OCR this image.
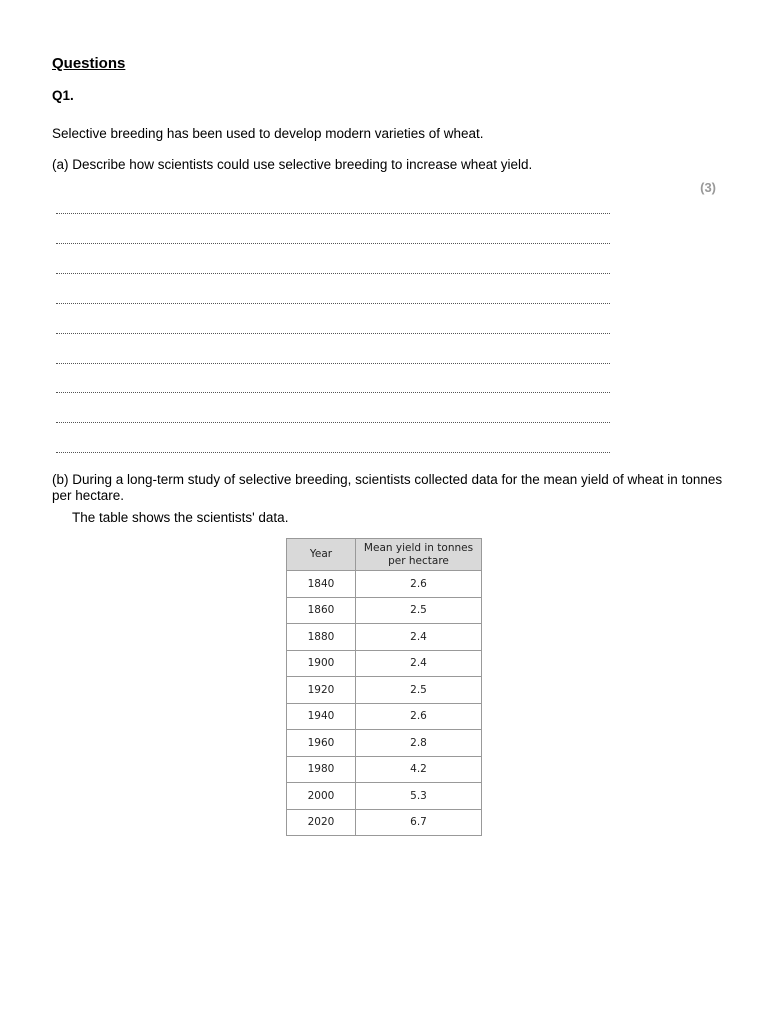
Questions
Q1.
Selective breeding has been used to develop modern varieties of wheat.
(a) Describe how scientists could use selective breeding to increase wheat yield.
(3)
(b) During a long-term study of selective breeding, scientists collected data for the mean yield of wheat in tonnes per hectare.
The table shows the scientists' data.
Year	Mean yield in tonnes per hectare
1840	2.6
1860	2.5
1880	2.4
1900	2.4
1920	2.5
1940	2.6
1960	2.8
1980	4.2
2000	5.3
2020	6.7
